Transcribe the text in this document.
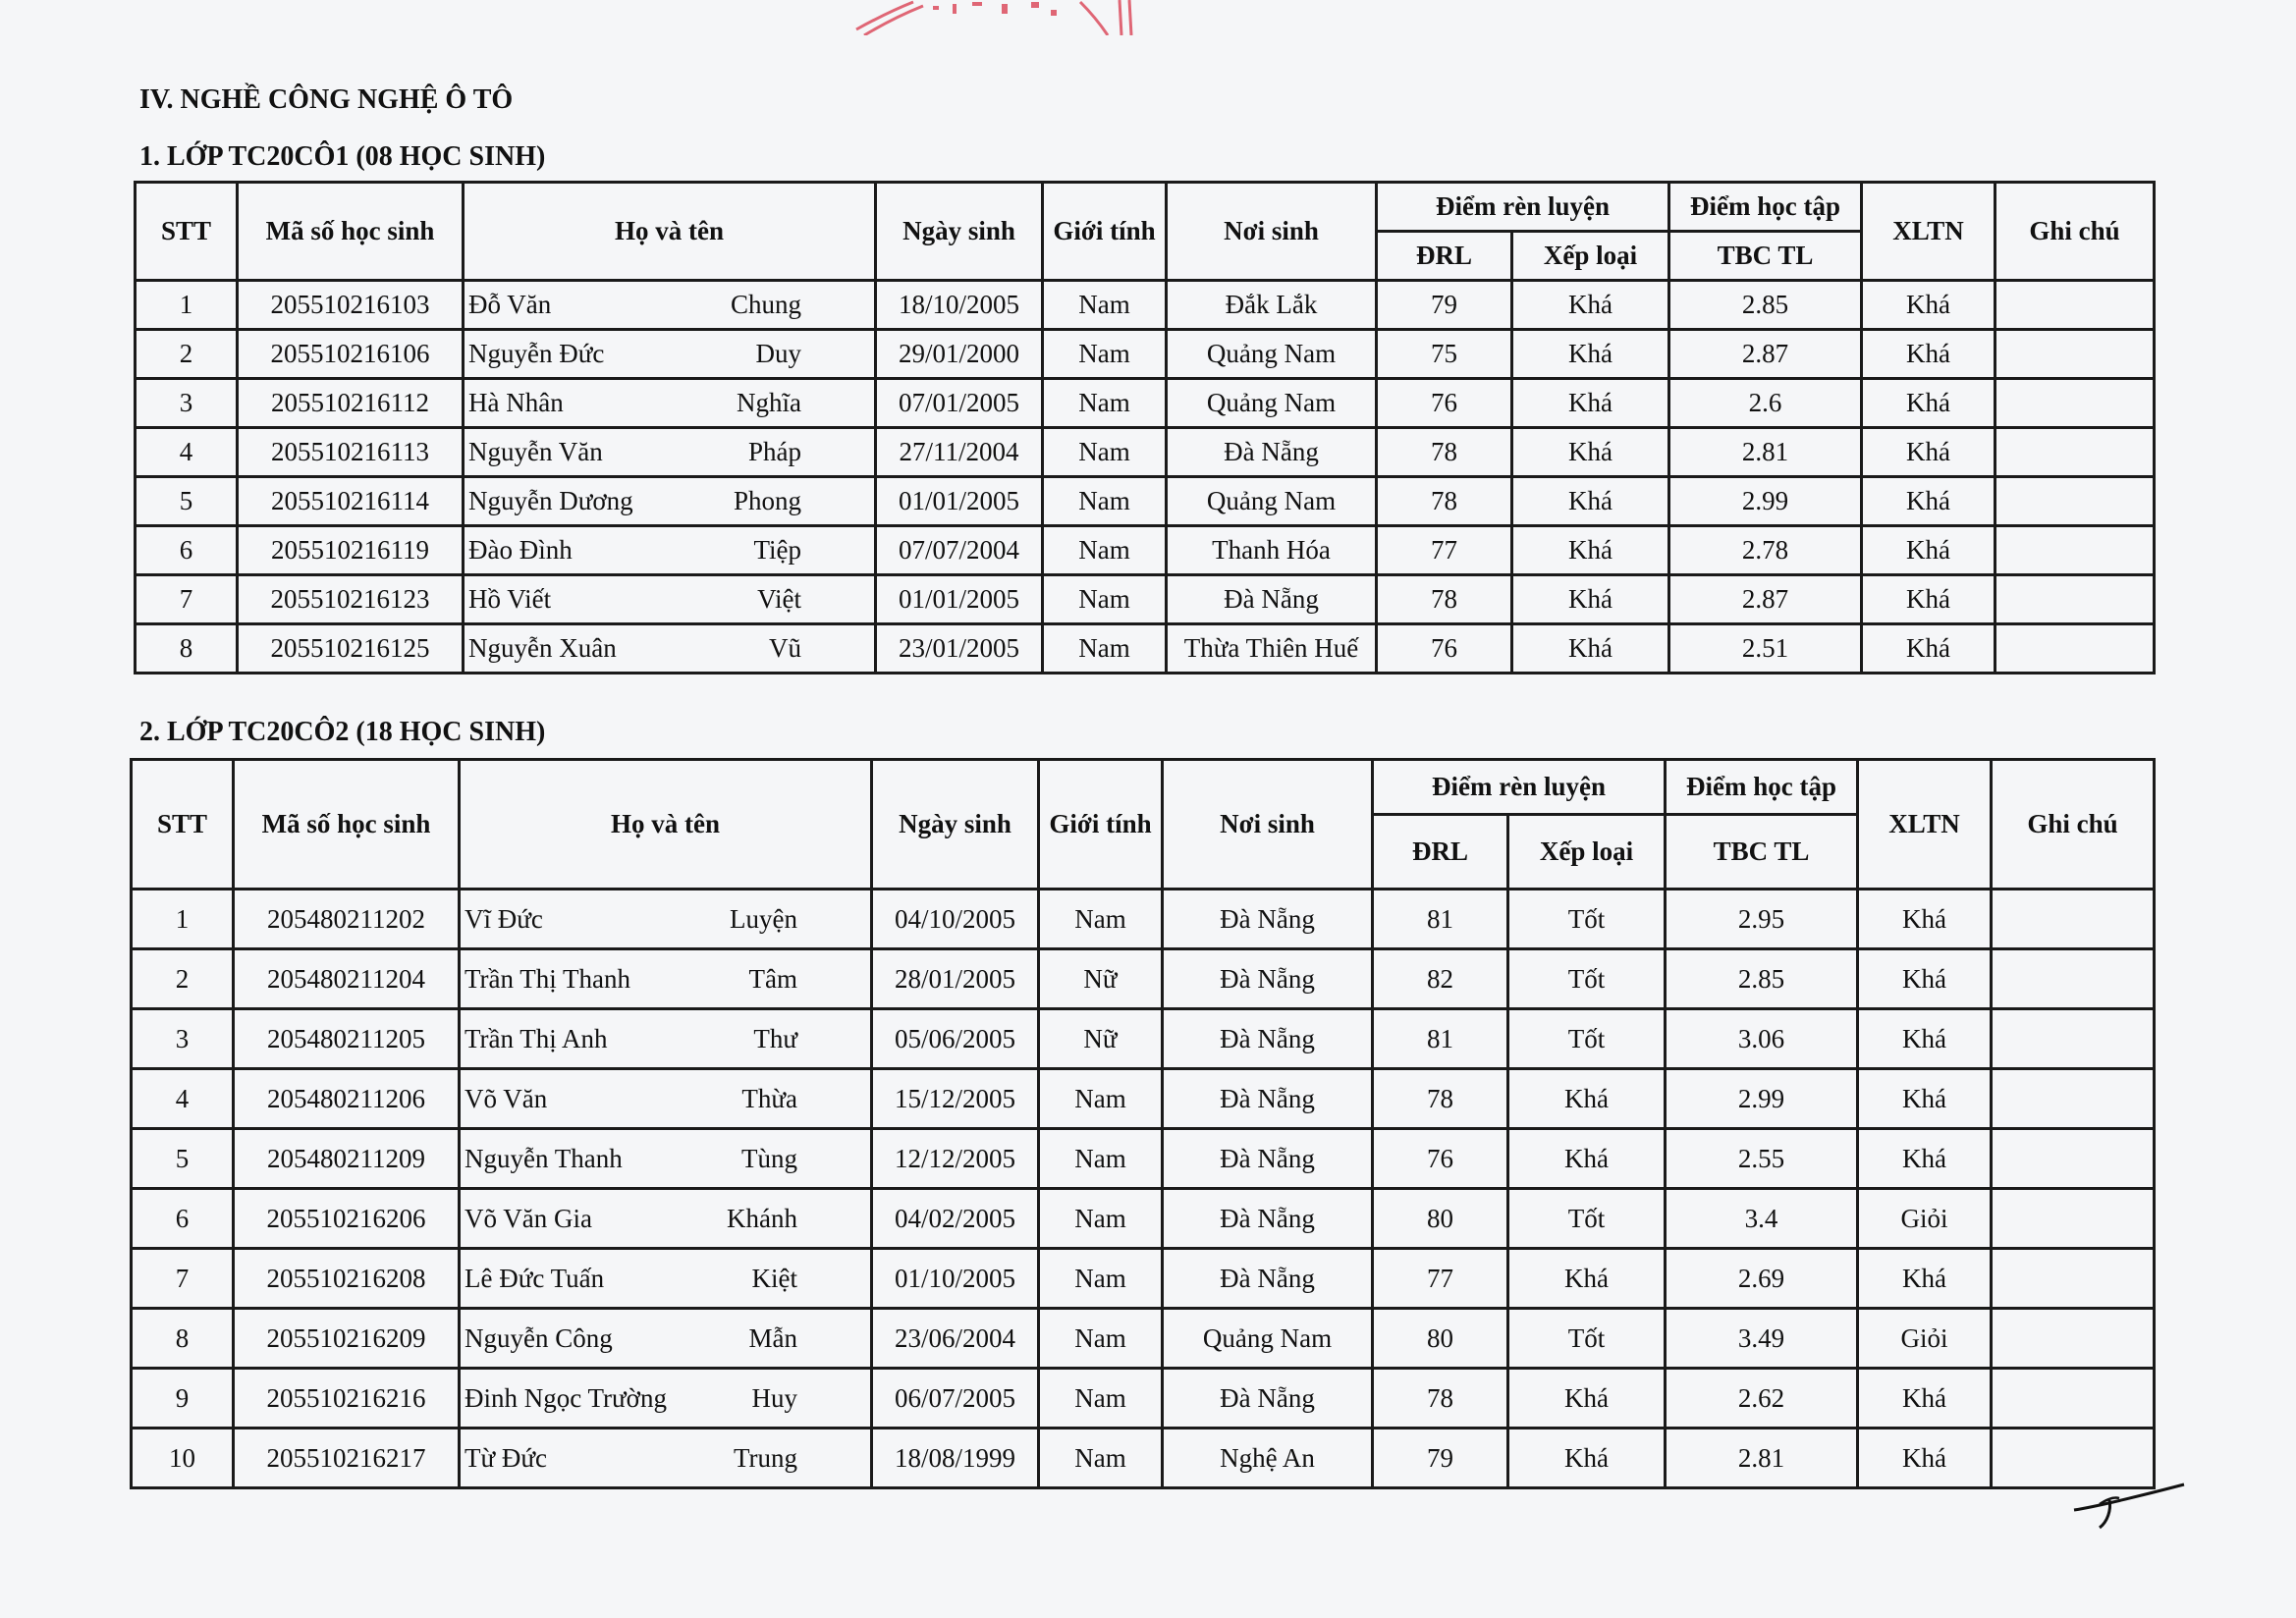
IV. NGHỀ CÔNG NGHỆ Ô TÔ
1. LỚP TC20CÔ1 (08 HỌC SINH)
STT	Mã số học sinh	Họ và tên	Ngày sinh	Giới tính	Nơi sinh	Điểm rèn luyện		Điểm học tập	XLTN	Ghi chú
						ĐRL	Xếp loại	TBC TL		
1	205510216103	Đỗ Văn Chung	18/10/2005	Nam	Đắk Lắk	79	Khá	2.85	Khá	
2	205510216106	Nguyễn Đức Duy	29/01/2000	Nam	Quảng Nam	75	Khá	2.87	Khá	
3	205510216112	Hà Nhân Nghĩa	07/01/2005	Nam	Quảng Nam	76	Khá	2.6	Khá	
4	205510216113	Nguyễn Văn Pháp	27/11/2004	Nam	Đà Nẵng	78	Khá	2.81	Khá	
5	205510216114	Nguyễn Dương Phong	01/01/2005	Nam	Quảng Nam	78	Khá	2.99	Khá	
6	205510216119	Đào Đình Tiệp	07/07/2004	Nam	Thanh Hóa	77	Khá	2.78	Khá	
7	205510216123	Hồ Viết Việt	01/01/2005	Nam	Đà Nẵng	78	Khá	2.87	Khá	
8	205510216125	Nguyễn Xuân Vũ	23/01/2005	Nam	Thừa Thiên Huế	76	Khá	2.51	Khá	
2. LỚP TC20CÔ2 (18 HỌC SINH)
STT	Mã số học sinh	Họ và tên	Ngày sinh	Giới tính	Nơi sinh	Điểm rèn luyện		Điểm học tập	XLTN	Ghi chú
						ĐRL	Xếp loại	TBC TL		
1	205480211202	Vĩ Đức Luyện	04/10/2005	Nam	Đà Nẵng	81	Tốt	2.95	Khá	
2	205480211204	Trần Thị Thanh Tâm	28/01/2005	Nữ	Đà Nẵng	82	Tốt	2.85	Khá	
3	205480211205	Trần Thị Anh Thư	05/06/2005	Nữ	Đà Nẵng	81	Tốt	3.06	Khá	
4	205480211206	Võ Văn Thừa	15/12/2005	Nam	Đà Nẵng	78	Khá	2.99	Khá	
5	205480211209	Nguyễn Thanh Tùng	12/12/2005	Nam	Đà Nẵng	76	Khá	2.55	Khá	
6	205510216206	Võ Văn Gia Khánh	04/02/2005	Nam	Đà Nẵng	80	Tốt	3.4	Giỏi	
7	205510216208	Lê Đức Tuấn Kiệt	01/10/2005	Nam	Đà Nẵng	77	Khá	2.69	Khá	
8	205510216209	Nguyễn Công Mẫn	23/06/2004	Nam	Quảng Nam	80	Tốt	3.49	Giỏi	
9	205510216216	Đinh Ngọc Trường Huy	06/07/2005	Nam	Đà Nẵng	78	Khá	2.62	Khá	
10	205510216217	Từ Đức Trung	18/08/1999	Nam	Nghệ An	79	Khá	2.81	Khá	
